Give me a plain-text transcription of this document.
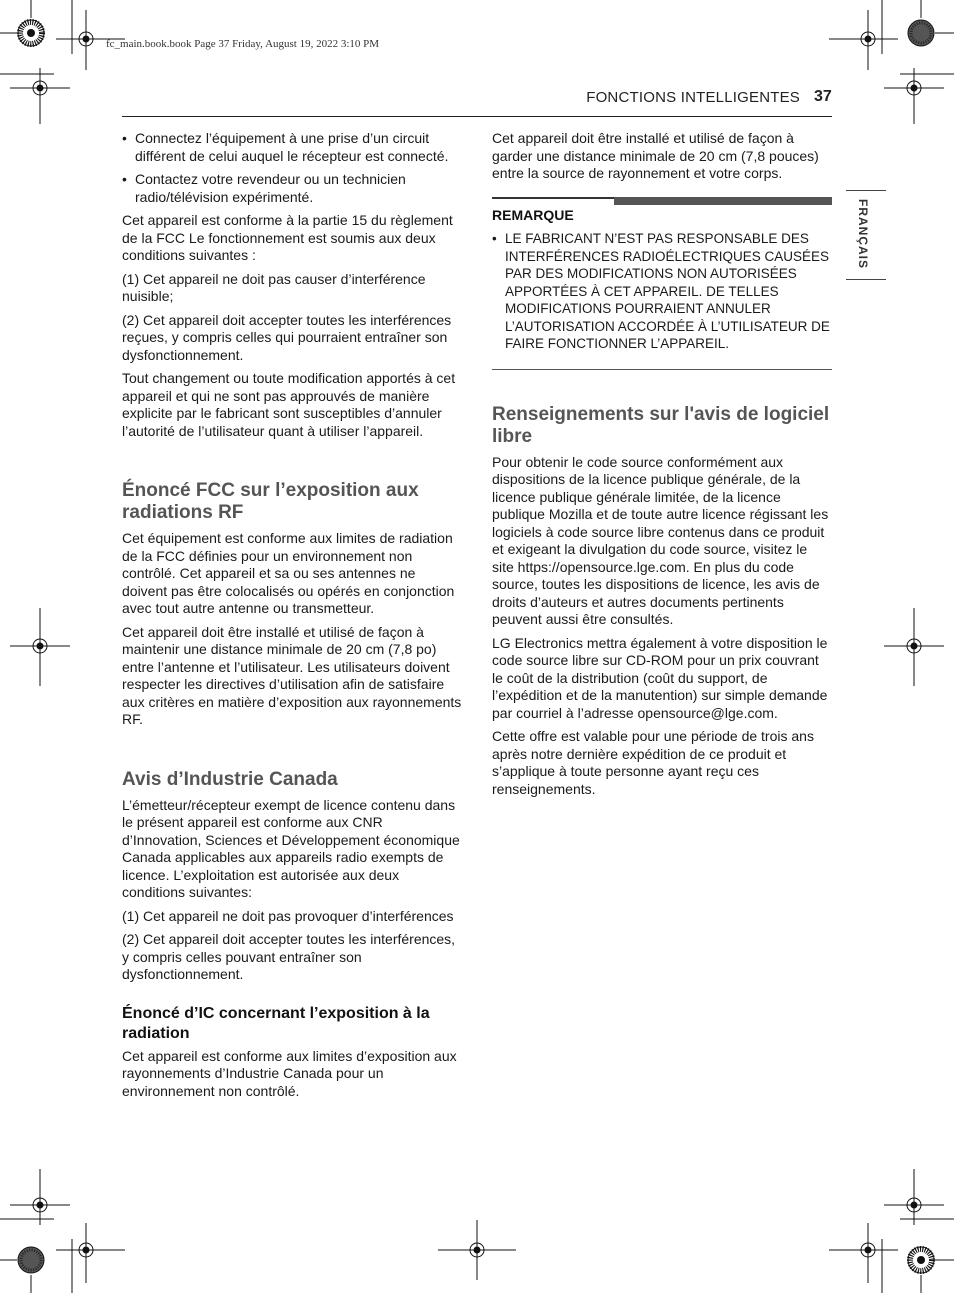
fc_main.book.book Page 37 Friday, August 19, 2022 3:10 PM
FONCTIONS INTELLIGENTES 37
FRANÇAIS
• Connectez l’équipement à une prise d’un circuit différent de celui auquel le récepteur est connecté.
• Contactez votre revendeur ou un technicien radio/télévision expérimenté.

Cet appareil est conforme à la partie 15 du règlement de la FCC Le fonctionnement est soumis aux deux conditions suivantes :

(1) Cet appareil ne doit pas causer d’interférence nuisible;

(2) Cet appareil doit accepter toutes les interférences reçues, y compris celles qui pourraient entraîner son dysfonctionnement.

Tout changement ou toute modification apportés à cet appareil et qui ne sont pas approuvés de manière explicite par le fabricant sont susceptibles d’annuler l’autorité de l’utilisateur quant à utiliser l’appareil.

Énoncé FCC sur l’exposition aux radiations RF

Cet équipement est conforme aux limites de radiation de la FCC définies pour un environnement non contrôlé. Cet appareil et sa ou ses antennes ne doivent pas être colocalisés ou opérés en conjonction avec tout autre antenne ou transmetteur.

Cet appareil doit être installé et utilisé de façon à maintenir une distance minimale de 20 cm (7,8 po) entre l’antenne et l’utilisateur. Les utilisateurs doivent respecter les directives d’utilisation afin de satisfaire aux critères en matière d’exposition aux rayonnements RF.

Avis d’Industrie Canada

L’émetteur/récepteur exempt de licence contenu dans le présent appareil est conforme aux CNR d’Innovation, Sciences et Développement économique Canada applicables aux appareils radio exempts de licence. L’exploitation est autorisée aux deux conditions suivantes:

(1) Cet appareil ne doit pas provoquer d’interférences

(2) Cet appareil doit accepter toutes les interférences, y compris celles pouvant entraîner son dysfonctionnement.

Énoncé d’IC concernant l’exposition à la radiation

Cet appareil est conforme aux limites d’exposition aux rayonnements d’Industrie Canada pour un environnement non contrôlé.

Cet appareil doit être installé et utilisé de façon à garder une distance minimale de 20 cm (7,8 pouces) entre la source de rayonnement et votre corps.

REMARQUE
• LE FABRICANT N’EST PAS RESPONSABLE DES INTERFÉRENCES RADIOÉLECTRIQUES CAUSÉES PAR DES MODIFICATIONS NON AUTORISÉES APPORTÉES À CET APPAREIL. DE TELLES MODIFICATIONS POURRAIENT ANNULER L’AUTORISATION ACCORDÉE À L’UTILISATEUR DE FAIRE FONCTIONNER L’APPAREIL.
Renseignements sur l'avis de logiciel libre

Pour obtenir le code source conformément aux dispositions de la licence publique générale, de la licence publique générale limitée, de la licence publique Mozilla et de toute autre licence régissant les logiciels à code source libre contenus dans ce produit et exigeant la divulgation du code source, visitez le site https://opensource.lge.com. En plus du code source, toutes les dispositions de licence, les avis de droits d’auteurs et autres documents pertinents peuvent aussi être consultés.

LG Electronics mettra également à votre disposition le code source libre sur CD-ROM pour un prix couvrant le coût de la distribution (coût du support, de l’expédition et de la manutention) sur simple demande par courriel à l’adresse opensource@lge.com.

Cette offre est valable pour une période de trois ans après notre dernière expédition de ce produit et s’applique à toute personne ayant reçu ces renseignements.
